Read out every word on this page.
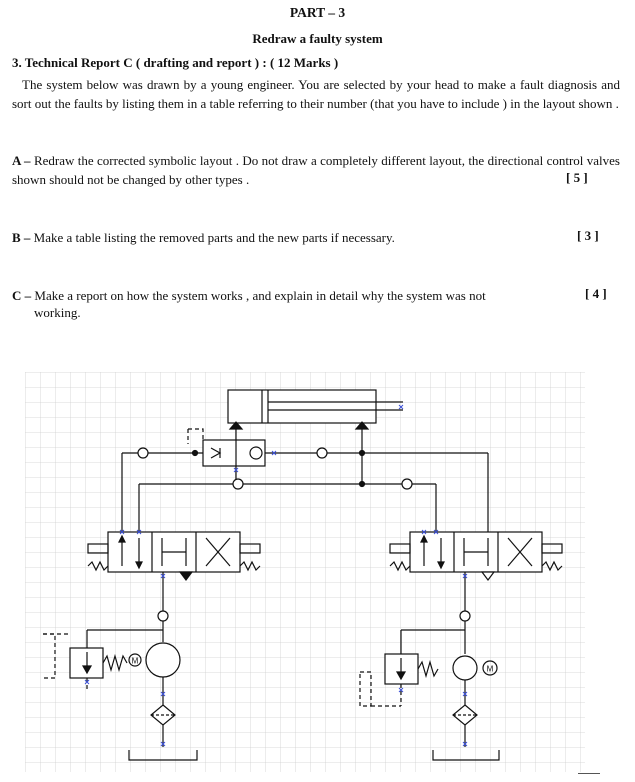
PART – 3
Redraw a faulty system
3. Technical Report C ( drafting and report ) : ( 12 Marks )
The system below was drawn by a young engineer. You are selected by your head to make a fault diagnosis and sort out the faults by listing them in a table referring to their number (that you have to include ) in the layout shown .
A – Redraw the corrected symbolic layout . Do not draw a completely different layout, the directional control valves shown should not be changed by other types .	[ 5 ]
B – Make a table listing the removed parts and the new parts if necessary.	[ 3 ]
C – Make a report on how the system works , and explain in detail why the system was not
working.
[ 4 ]
M
M
